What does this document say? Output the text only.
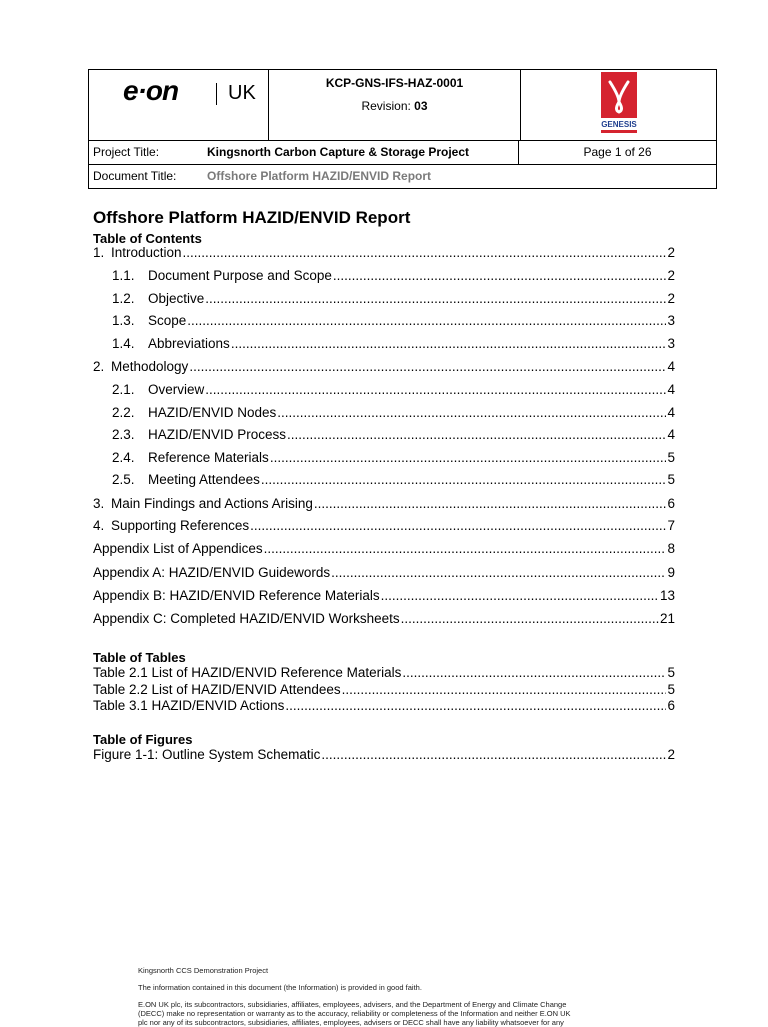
e·on UK	KCP-GNS-IFS-HAZ-0001
Revision: 03
GENESIS
Project Title:	Kingsnorth Carbon Capture & Storage Project	Page 1 of 26
Document Title:	Offshore Platform HAZID/ENVID Report
Offshore Platform HAZID/ENVID Report
Table of Contents
1. Introduction .....	2
1.1. Document Purpose and Scope .....	2
1.2. Objective .....	2
1.3. Scope .....	3
1.4. Abbreviations .....	3
2. Methodology .....	4
2.1. Overview .....	4
2.2. HAZID/ENVID Nodes .....	4
2.3. HAZID/ENVID Process .....	4
2.4. Reference Materials .....	5
2.5. Meeting Attendees .....	5
3. Main Findings and Actions Arising .....	6
4. Supporting References .....	7
Appendix List of Appendices .....	8
Appendix A: HAZID/ENVID Guidewords .....	9
Appendix B: HAZID/ENVID Reference Materials .....	13
Appendix C: Completed HAZID/ENVID Worksheets .....	21
Table of Tables
Table 2.1 List of HAZID/ENVID Reference Materials .....	5
Table 2.2 List of HAZID/ENVID Attendees .....	5
Table 3.1 HAZID/ENVID Actions .....	6
Table of Figures
Figure 1-1: Outline System Schematic .....	2
Kingsnorth CCS Demonstration Project
The information contained in this document (the Information) is provided in good faith.
E.ON UK plc, its subcontractors, subsidiaries, affiliates, employees, advisers, and the Department of Energy and Climate Change
(DECC) make no representation or warranty as to the accuracy, reliability or completeness of the Information and neither E.ON UK
plc nor any of its subcontractors, subsidiaries, affiliates, employees, advisers or DECC shall have any liability whatsoever for any
